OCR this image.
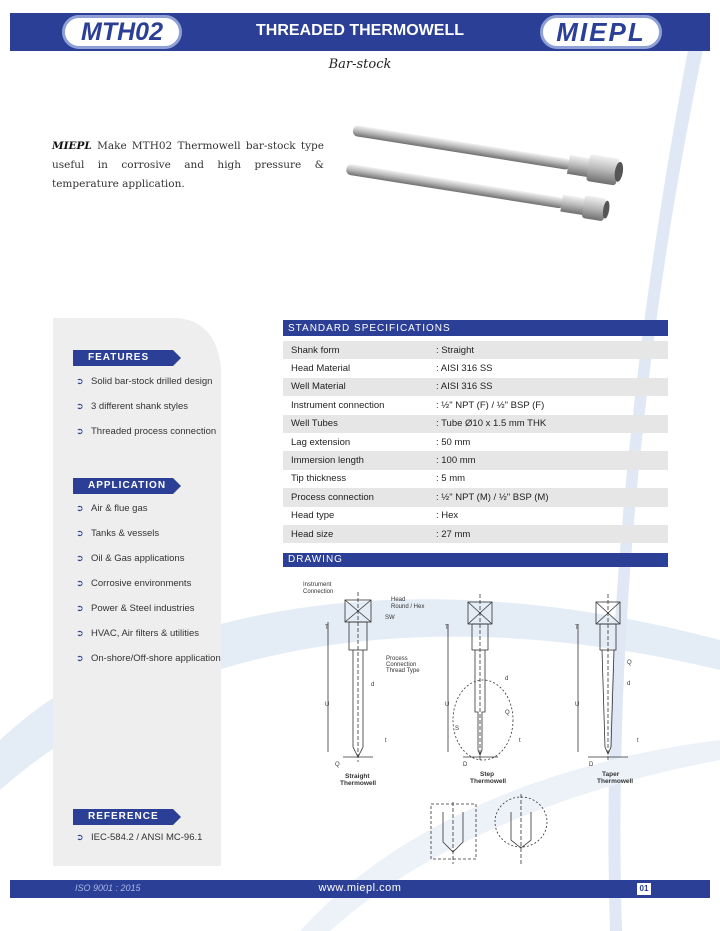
MTH02	THREADED THERMOWELL	MIEPL
Bar-stock

MIEPL Make MTH02 Thermowell bar-stock type useful in corrosive and high pressure & temperature application.

FEATURES
➲ Solid bar-stock drilled design
➲ 3 different shank styles
➲ Threaded process connection
APPLICATION
➲ Air & flue gas
➲ Tanks & vessels
➲ Oil & Gas applications
➲ Corrosive environments
➲ Power & Steel industries
➲ HVAC, Air filters & utilities
➲ On-shore/Off-shore application
REFERENCE
➲ IEC-584.2 / ANSI MC-96.1
STANDARD SPECIFICATIONS
Shank form	: Straight
Head Material	: AISI 316 SS
Well Material	: AISI 316 SS
Instrument connection	: ½" NPT (F) / ½" BSP (F)
Well Tubes	: Tube Ø10 x 1.5 mm THK
Lag extension	: 50 mm
Immersion length	: 100 mm
Tip thickness	: 5 mm
Process connection	: ½" NPT (M) / ½" BSP (M)
Head type	: Hex
Head size	: 27 mm
DRAWING
Instrument
Connection
Head
Round / Hex
SW
Process
Connection
Thread Type
T	T	T
U	U	U
d
d
d
Q
Q
S
t	t	t
Q	D	D
Straight
Thermowell
Step
Thermowell
Taper
Thermowell
ISO 9001 : 2015	www.miepl.com	01
